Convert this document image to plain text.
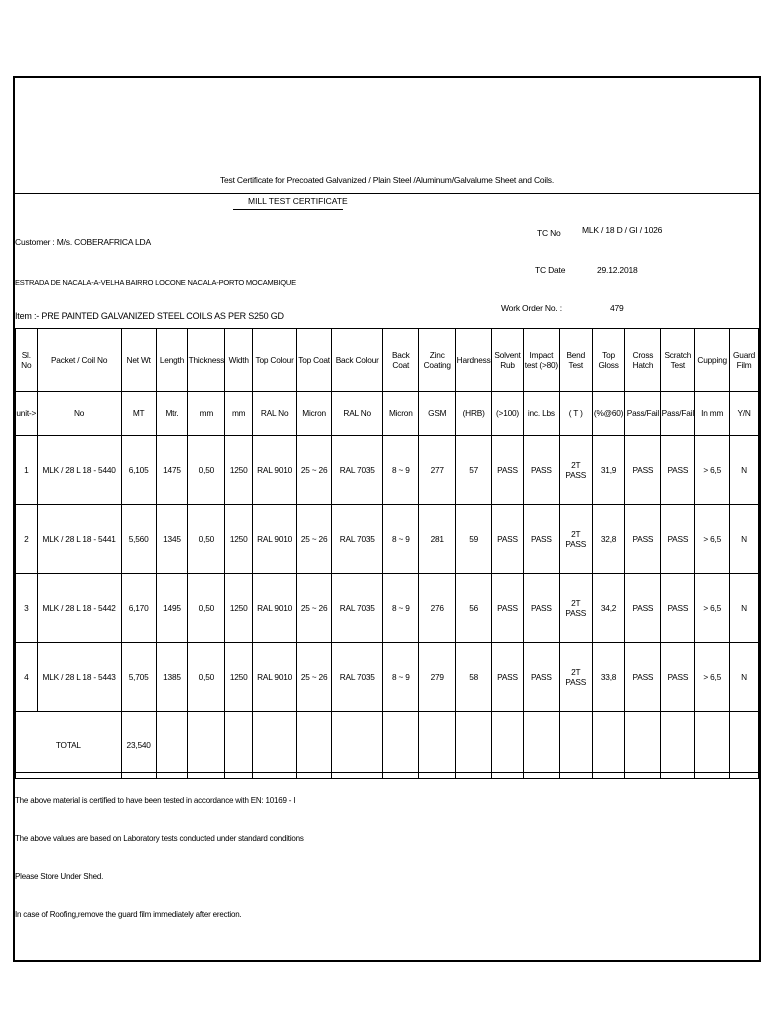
Test Certificate for Precoated Galvanized / Plain Steel /Aluminum/Galvalume Sheet and Coils.
MILL TEST CERTIFICATE
Customer : M/s. COBERAFRICA LDA
ESTRADA DE NACALA-A-VELHA BAIRRO LOCONE NACALA-PORTO MOCAMBIQUE
Item :- PRE PAINTED GALVANIZED STEEL COILS AS PER S250 GD
TC No	MLK / 18 D / GI / 1026
TC Date	29.12.2018
Work Order No. :	479
Sl. No	Packet / Coil No	Net Wt	Length	Thickness	Width	Top Colour	Top Coat	Back Colour	Back Coat	Zinc Coating	Hardness	Solvent Rub	Impact test (>80)	Bend Test	Top Gloss	Cross Hatch	Scratch Test	Cupping	Guard Film
unit->	No	MT	Mtr.	mm	mm	RAL No	Micron	RAL No	Micron	GSM	(HRB)	(>100)	inc. Lbs	( T )	(%@60)	Pass/Fail	Pass/Fail	In mm	Y/N
1	MLK / 28 L 18 - 5440	6,105	1475	0,50	1250	RAL 9010	25 ~ 26	RAL 7035	8 ~ 9	277	57	PASS	PASS	2T PASS	31,9	PASS	PASS	> 6,5	N
2	MLK / 28 L 18 - 5441	5,560	1345	0,50	1250	RAL 9010	25 ~ 26	RAL 7035	8 ~ 9	281	59	PASS	PASS	2T PASS	32,8	PASS	PASS	> 6,5	N
3	MLK / 28 L 18 - 5442	6,170	1495	0,50	1250	RAL 9010	25 ~ 26	RAL 7035	8 ~ 9	276	56	PASS	PASS	2T PASS	34,2	PASS	PASS	> 6,5	N
4	MLK / 28 L 18 - 5443	5,705	1385	0,50	1250	RAL 9010	25 ~ 26	RAL 7035	8 ~ 9	279	58	PASS	PASS	2T PASS	33,8	PASS	PASS	> 6,5	N
TOTAL		23,540																	
The above material is certified to have been tested in accordance with EN: 10169 - I
The above values are based on Laboratory tests conducted under standard conditions
Please Store Under Shed.
In case of Roofing,remove the guard film immediately after erection.
